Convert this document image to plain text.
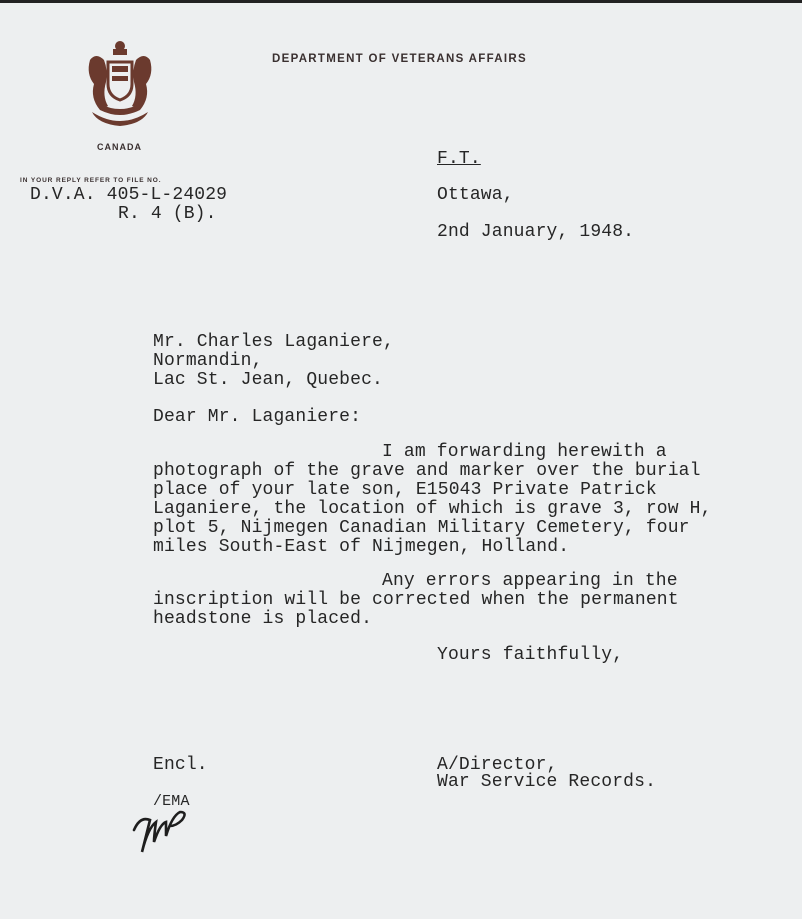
DEPARTMENT OF VETERANS AFFAIRS
CANADA
IN YOUR REPLY REFER TO FILE NO.
D.V.A. 405-L-24029
R. 4 (B).
F.T.
Ottawa,
2nd January, 1948.
Mr. Charles Laganiere,
Normandin,
Lac St. Jean, Quebec.
Dear Mr. Laganiere:
I am forwarding herewith a
photograph of the grave and marker over the burial
place of your late son, E15043 Private Patrick
Laganiere, the location of which is grave 3, row H,
plot 5, Nijmegen Canadian Military Cemetery, four
miles South-East of Nijmegen, Holland.
Any errors appearing in the
inscription will be corrected when the permanent
headstone is placed.
Yours faithfully,
Encl.	A/Director,
War Service Records.
/EMA
